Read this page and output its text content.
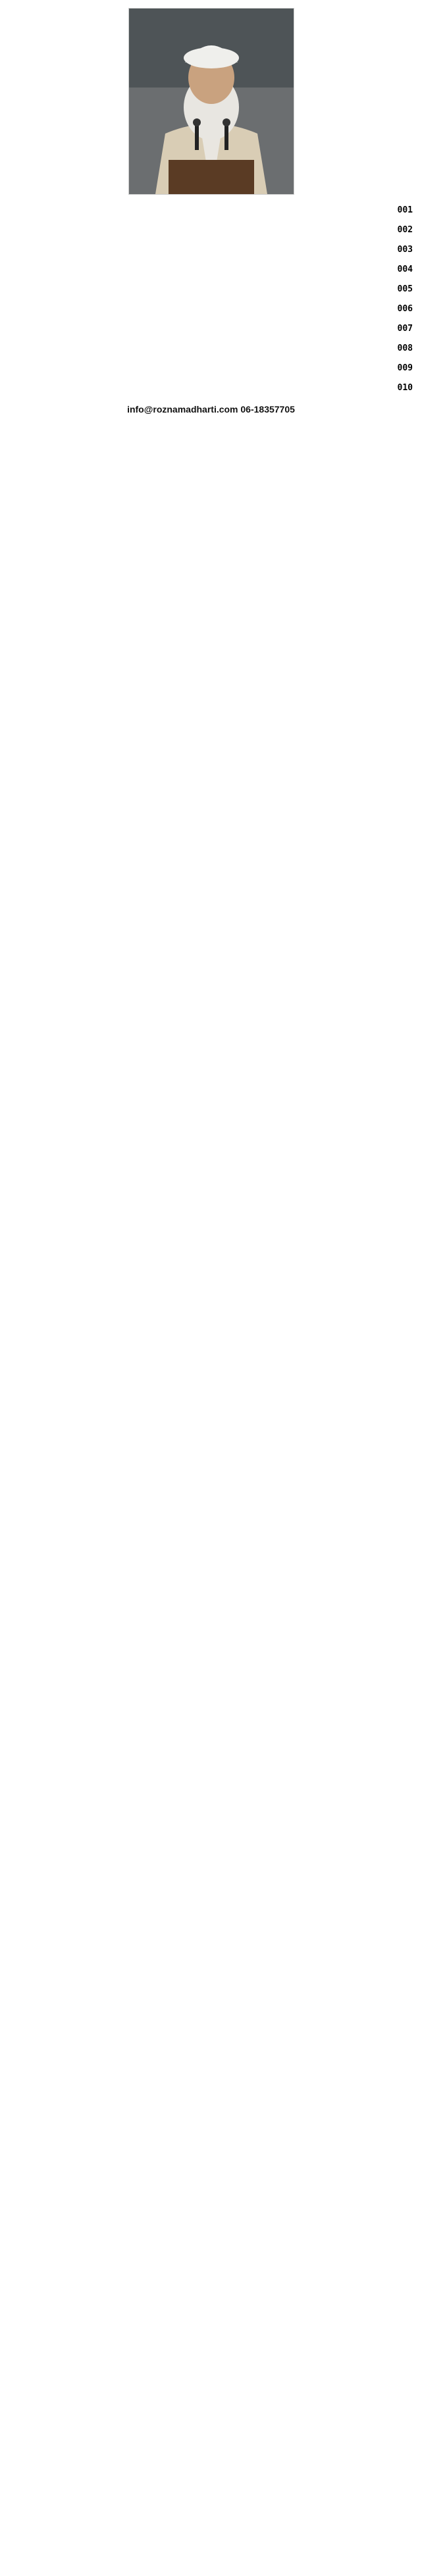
001
002
003
004
005
006
007
008
009
010
info@roznamadharti.com 06-18357705
